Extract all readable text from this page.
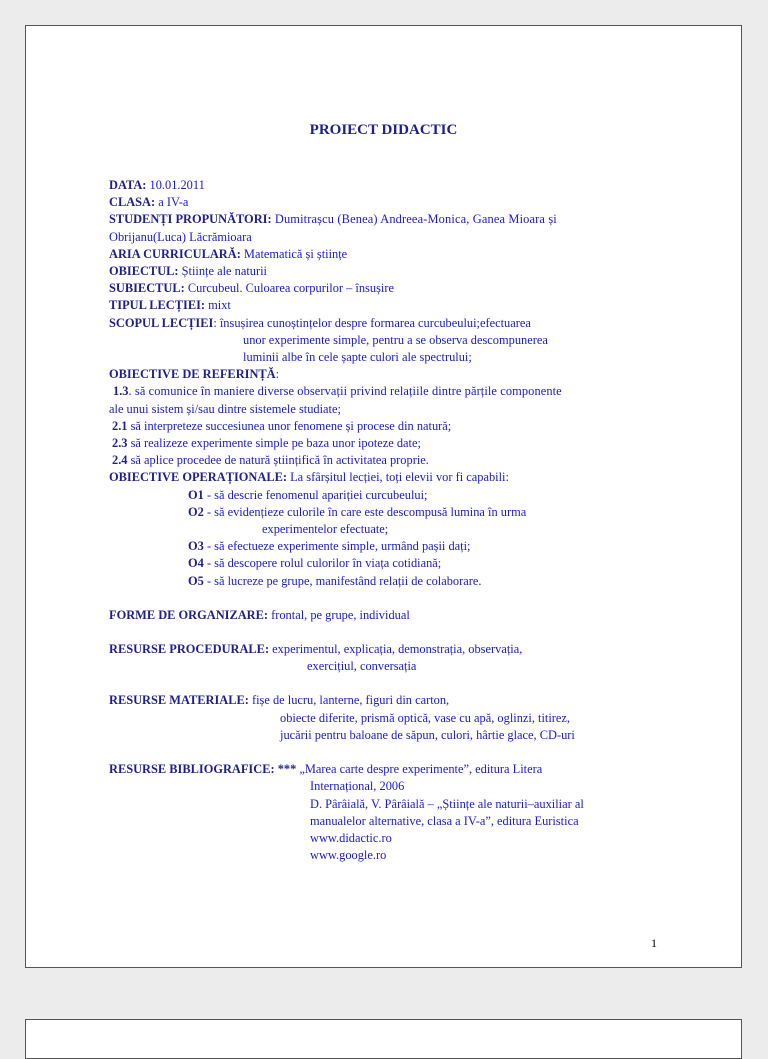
PROIECT DIDACTIC
DATA: 10.01.2011
CLASA: a IV-a
STUDENȚI PROPUNĂTORI: Dumitrașcu (Benea) Andreea-Monica, Ganea Mioara și
Obrijanu(Luca) Lăcrămioara
ARIA CURRICULARĂ: Matematică și științe
OBIECTUL: Științe ale naturii
SUBIECTUL: Curcubeul. Culoarea corpurilor – însușire
TIPUL LECȚIEI: mixt
SCOPUL LECȚIEI: însușirea cunoștințelor despre formarea curcubeului;efectuarea
unor experimente simple, pentru a se observa descompunerea
luminii albe în cele șapte culori ale spectrului;
OBIECTIVE DE REFERINȚĂ:
1.3. să comunice în maniere diverse observații privind relațiile dintre părțile componente
ale unui sistem și/sau dintre sistemele studiate;
2.1 să interpreteze succesiunea unor fenomene și procese din natură;
2.3 să realizeze experimente simple pe baza unor ipoteze date;
2.4 să aplice procedee de natură științifică în activitatea proprie.
OBIECTIVE OPERAȚIONALE: La sfârșitul lecției, toți elevii vor fi capabili:
O1 - să descrie fenomenul apariției curcubeului;
O2 - să evidențieze culorile în care este descompusă lumina în urma
experimentelor efectuate;
O3 - să efectueze experimente simple, urmând pașii dați;
O4 - să descopere rolul culorilor în viața cotidiană;
O5 - să lucreze pe grupe, manifestând relații de colaborare.
FORME DE ORGANIZARE: frontal, pe grupe, individual
RESURSE PROCEDURALE: experimentul, explicația, demonstrația, observația,
exercițiul, conversația
RESURSE MATERIALE: fișe de lucru, lanterne, figuri din carton,
obiecte diferite, prismă optică, vase cu apă, oglinzi, titirez,
jucării pentru baloane de săpun, culori, hârtie glace, CD-uri
RESURSE BIBLIOGRAFICE: *** „Marea carte despre experimente”, editura Litera
Internațional, 2006
D. Pârâială, V. Pârâială – „Științe ale naturii–auxiliar al
manualelor alternative, clasa a IV-a”, editura Euristica
www.didactic.ro
www.google.ro
1
